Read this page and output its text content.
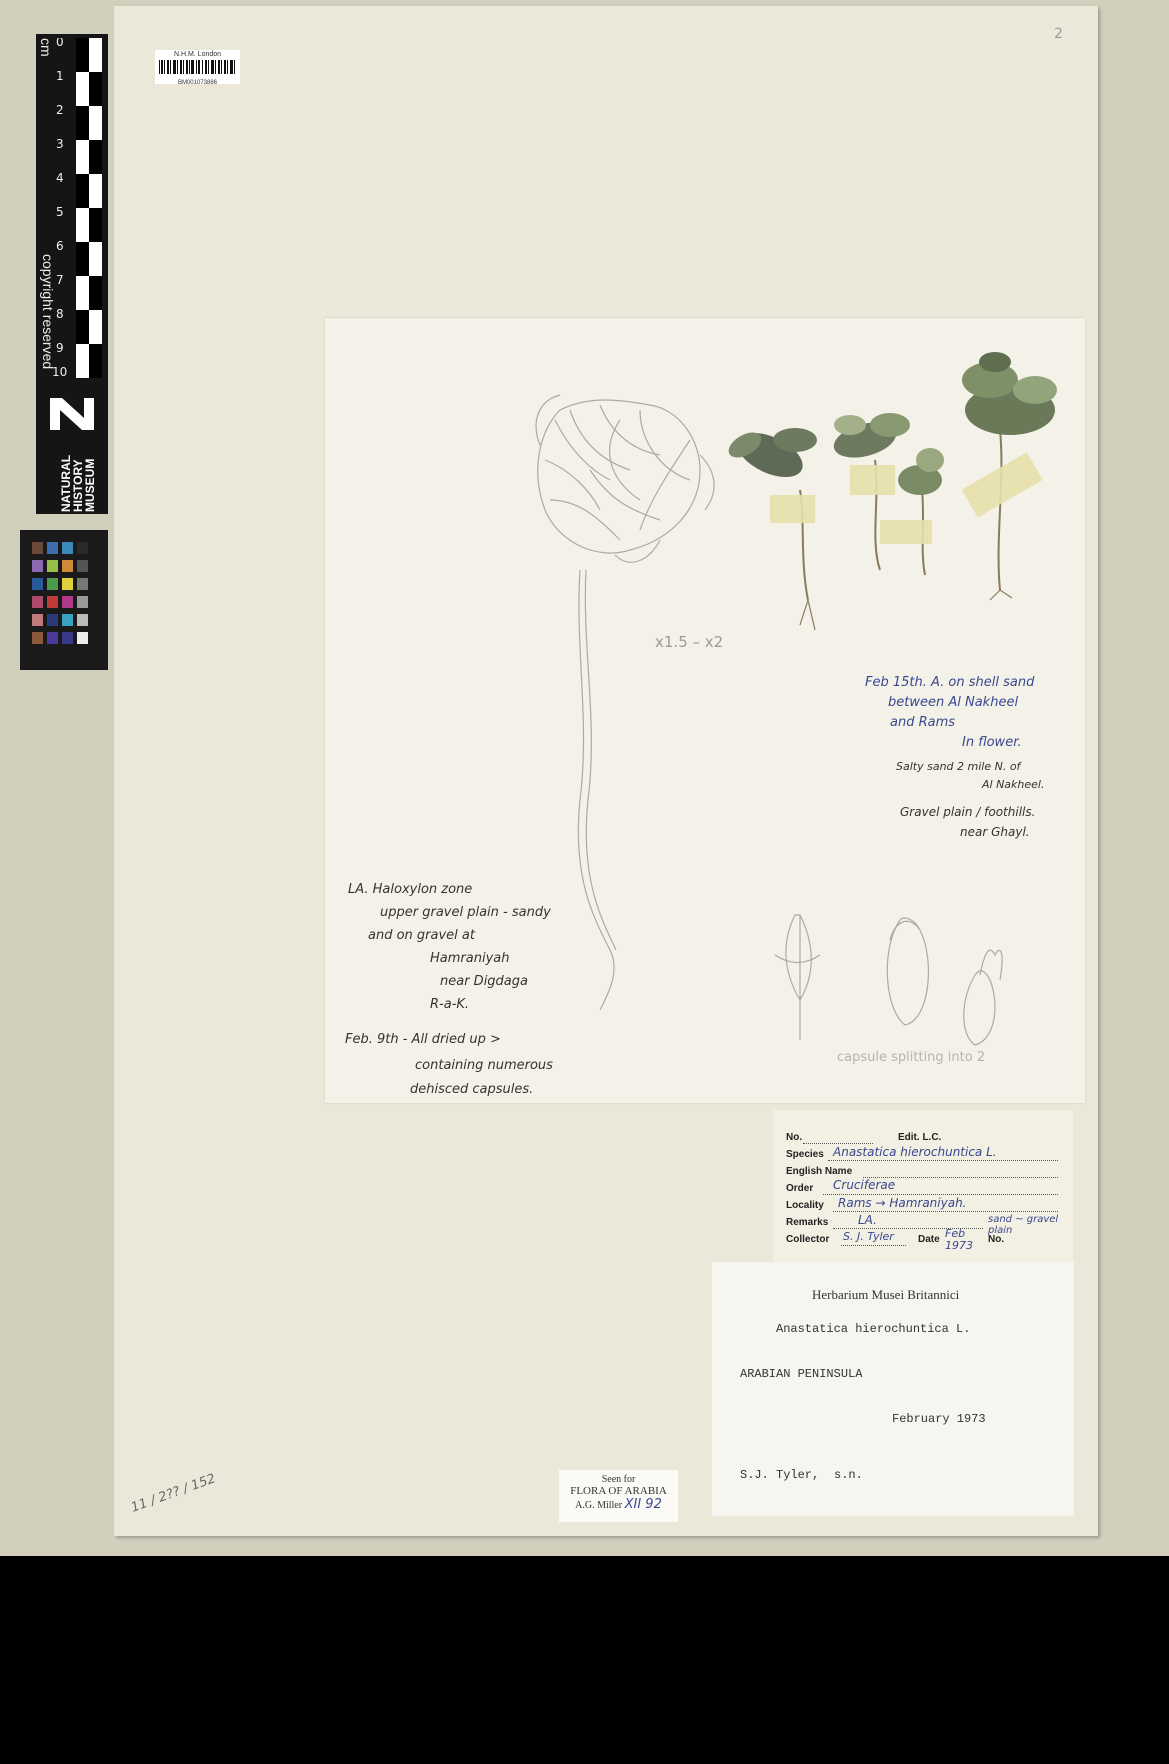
cm 0
1
2
3
4
5
6
7
8
9
10
copyright reserved
NATURAL HISTORY MUSEUM
N.H.M. London
BM001073886
2
11 / 2?? / 152
x1.5 – x2
Feb 15th. A. on shell sand
between Al Nakheel
and Rams
In flower.
Salty sand 2 mile N. of
Al Nakheel.
Gravel plain / foothills.
near Ghayl.
LA. Haloxylon zone
upper gravel plain - sandy
and on gravel at
Hamraniyah
near Digdaga
R-a-K.
Feb. 9th - All dried up >
containing numerous
dehisced capsules.
capsule splitting into 2
No.	Edit. L.C.
Species Anastatica hierochuntica L.
English Name
Order Cruciferae
Locality Rams → Hamraniyah.
sand ~ gravel plain
Remarks LA.
Collector S. J. Tyler Date Feb 1973	No.
Herbarium Musei Britannici
Anastatica hierochuntica L.
ARABIAN PENINSULA
February 1973
S.J. Tyler, s.n.
Seen for
FLORA OF ARABIA
A.G. Miller XII 92
